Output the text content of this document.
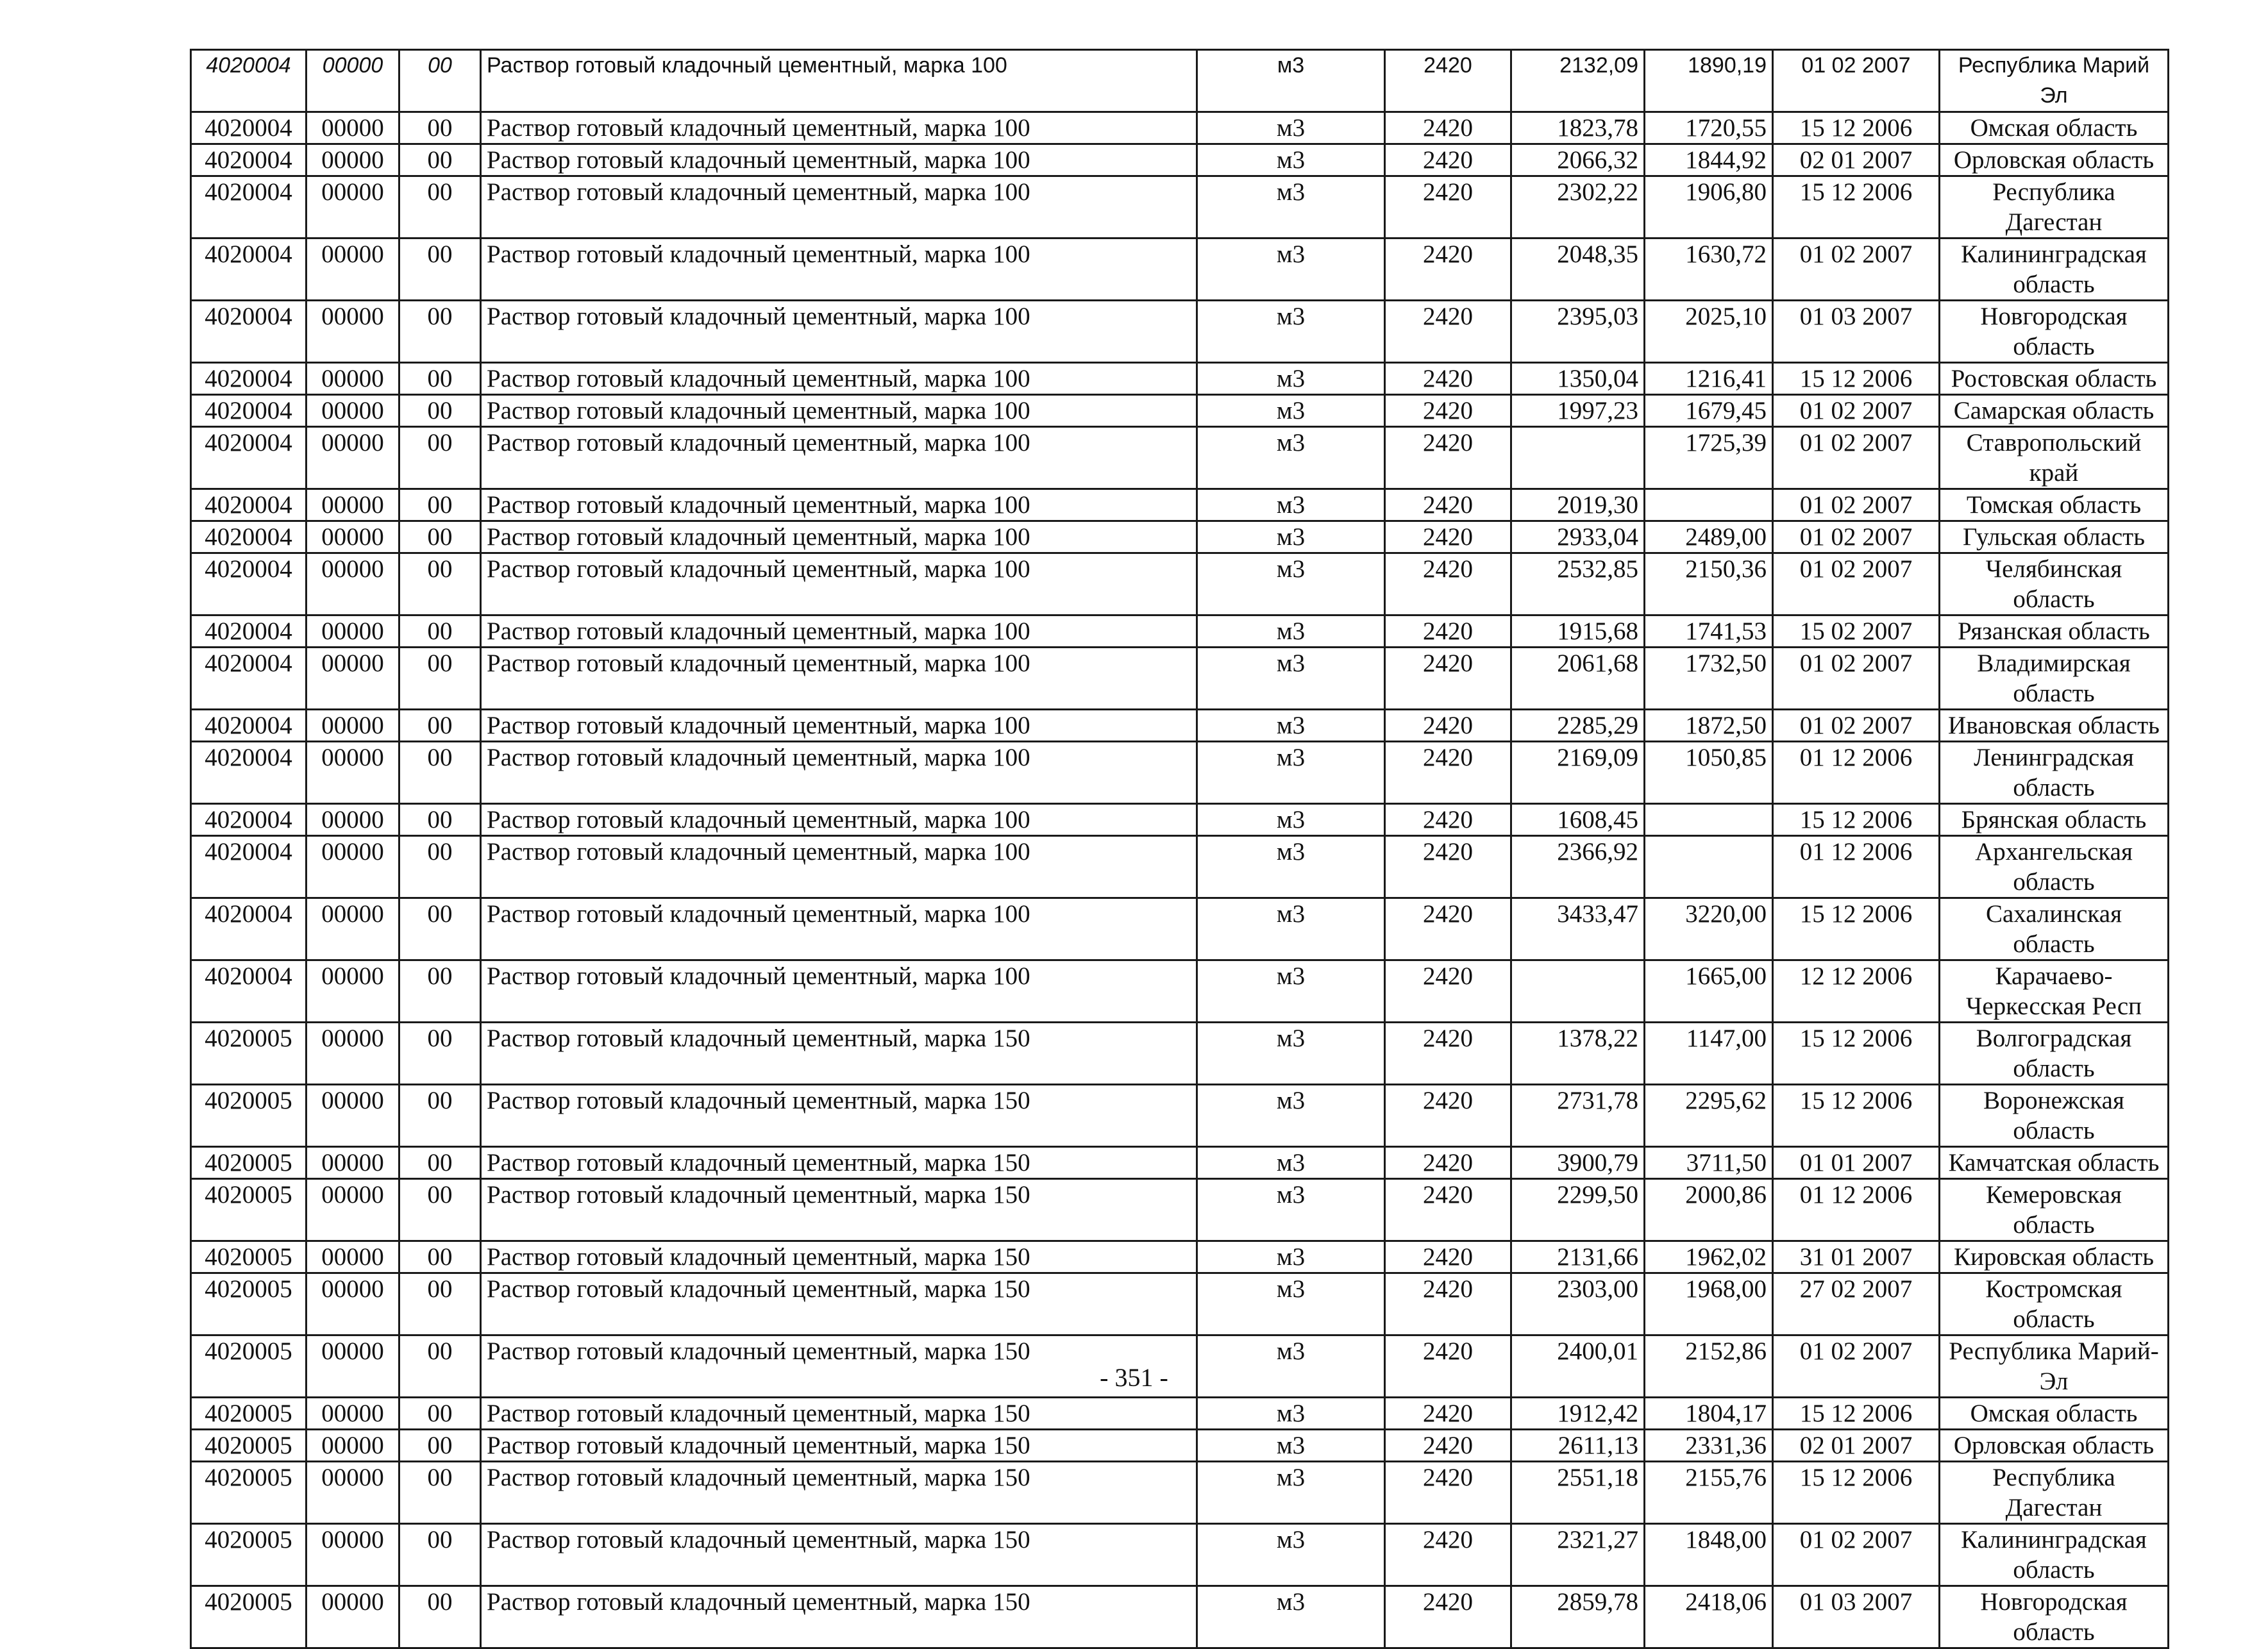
4020004	00000	00	Раствор готовый кладочный цементный, марка 100	м3	2420	2132,09	1890,19	01 02 2007	Республика Марий Эл
4020004	00000	00	Раствор готовый кладочный цементный, марка 100	м3	2420	1823,78	1720,55	15 12 2006	Омская область
4020004	00000	00	Раствор готовый кладочный цементный, марка 100	м3	2420	2066,32	1844,92	02 01 2007	Орловская область
4020004	00000	00	Раствор готовый кладочный цементный, марка 100	м3	2420	2302,22	1906,80	15 12 2006	Республика Дагестан
4020004	00000	00	Раствор готовый кладочный цементный, марка 100	м3	2420	2048,35	1630,72	01 02 2007	Калининградская область
4020004	00000	00	Раствор готовый кладочный цементный, марка 100	м3	2420	2395,03	2025,10	01 03 2007	Новгородская область
4020004	00000	00	Раствор готовый кладочный цементный, марка 100	м3	2420	1350,04	1216,41	15 12 2006	Ростовская область
4020004	00000	00	Раствор готовый кладочный цементный, марка 100	м3	2420	1997,23	1679,45	01 02 2007	Самарская область
4020004	00000	00	Раствор готовый кладочный цементный, марка 100	м3	2420		1725,39	01 02 2007	Ставропольский край
4020004	00000	00	Раствор готовый кладочный цементный, марка 100	м3	2420	2019,30		01 02 2007	Томская область
4020004	00000	00	Раствор готовый кладочный цементный, марка 100	м3	2420	2933,04	2489,00	01 02 2007	Гульская область
4020004	00000	00	Раствор готовый кладочный цементный, марка 100	м3	2420	2532,85	2150,36	01 02 2007	Челябинская область
4020004	00000	00	Раствор готовый кладочный цементный, марка 100	м3	2420	1915,68	1741,53	15 02 2007	Рязанская область
4020004	00000	00	Раствор готовый кладочный цементный, марка 100	м3	2420	2061,68	1732,50	01 02 2007	Владимирская область
4020004	00000	00	Раствор готовый кладочный цементный, марка 100	м3	2420	2285,29	1872,50	01 02 2007	Ивановская область
4020004	00000	00	Раствор готовый кладочный цементный, марка 100	м3	2420	2169,09	1050,85	01 12 2006	Ленинградская область
4020004	00000	00	Раствор готовый кладочный цементный, марка 100	м3	2420	1608,45		15 12 2006	Брянская область
4020004	00000	00	Раствор готовый кладочный цементный, марка 100	м3	2420	2366,92		01 12 2006	Архангельская область
4020004	00000	00	Раствор готовый кладочный цементный, марка 100	м3	2420	3433,47	3220,00	15 12 2006	Сахалинская область
4020004	00000	00	Раствор готовый кладочный цементный, марка 100	м3	2420		1665,00	12 12 2006	Карачаево-Черкесская Респ
4020005	00000	00	Раствор готовый кладочный цементный, марка 150	м3	2420	1378,22	1147,00	15 12 2006	Волгоградская область
4020005	00000	00	Раствор готовый кладочный цементный, марка 150	м3	2420	2731,78	2295,62	15 12 2006	Воронежская область
4020005	00000	00	Раствор готовый кладочный цементный, марка 150	м3	2420	3900,79	3711,50	01 01 2007	Камчатская область
4020005	00000	00	Раствор готовый кладочный цементный, марка 150	м3	2420	2299,50	2000,86	01 12 2006	Кемеровская область
4020005	00000	00	Раствор готовый кладочный цементный, марка 150	м3	2420	2131,66	1962,02	31 01 2007	Кировская область
4020005	00000	00	Раствор готовый кладочный цементный, марка 150	м3	2420	2303,00	1968,00	27 02 2007	Костромская область
4020005	00000	00	Раствор готовый кладочный цементный, марка 150	м3	2420	2400,01	2152,86	01 02 2007	Республика Марий-Эл
4020005	00000	00	Раствор готовый кладочный цементный, марка 150	м3	2420	1912,42	1804,17	15 12 2006	Омская область
4020005	00000	00	Раствор готовый кладочный цементный, марка 150	м3	2420	2611,13	2331,36	02 01 2007	Орловская область
4020005	00000	00	Раствор готовый кладочный цементный, марка 150	м3	2420	2551,18	2155,76	15 12 2006	Республика Дагестан
4020005	00000	00	Раствор готовый кладочный цементный, марка 150	м3	2420	2321,27	1848,00	01 02 2007	Калининградская область
4020005	00000	00	Раствор готовый кладочный цементный, марка 150	м3	2420	2859,78	2418,06	01 03 2007	Новгородская область
- 351 -
